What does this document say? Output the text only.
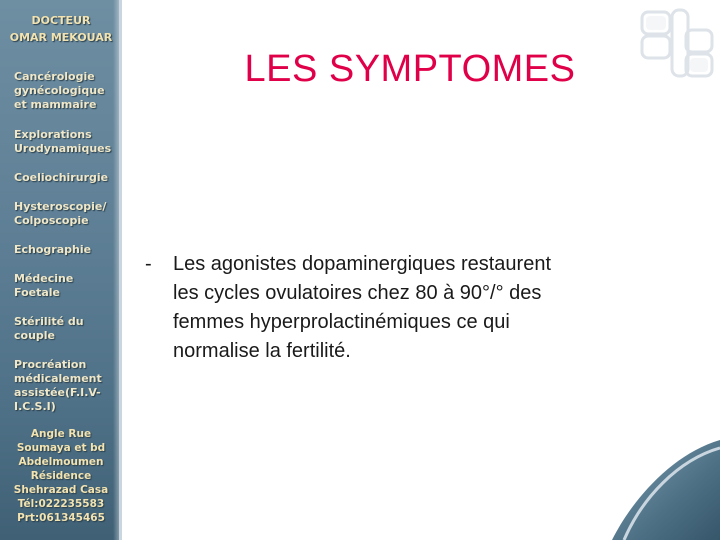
DOCTEUR
OMAR MEKOUAR
Cancérologie
gynécologique
et mammaire
Explorations
Urodynamiques
Coeliochirurgie
Hysteroscopie/
Colposcopie
Echographie
Médecine
Foetale
Stérilité du
couple
Procréation
médicalement
assistée(F.I.V-
I.C.S.I)
Angle Rue
Soumaya et bd
Abdelmoumen
Résidence
Shehrazad Casa
Tél:022235583
Prt:061345465
LES SYMPTOMES
- Les agonistes dopaminergiques restaurent
les cycles ovulatoires chez 80 à 90°/° des
femmes hyperprolactinémiques ce qui
normalise la fertilité.
